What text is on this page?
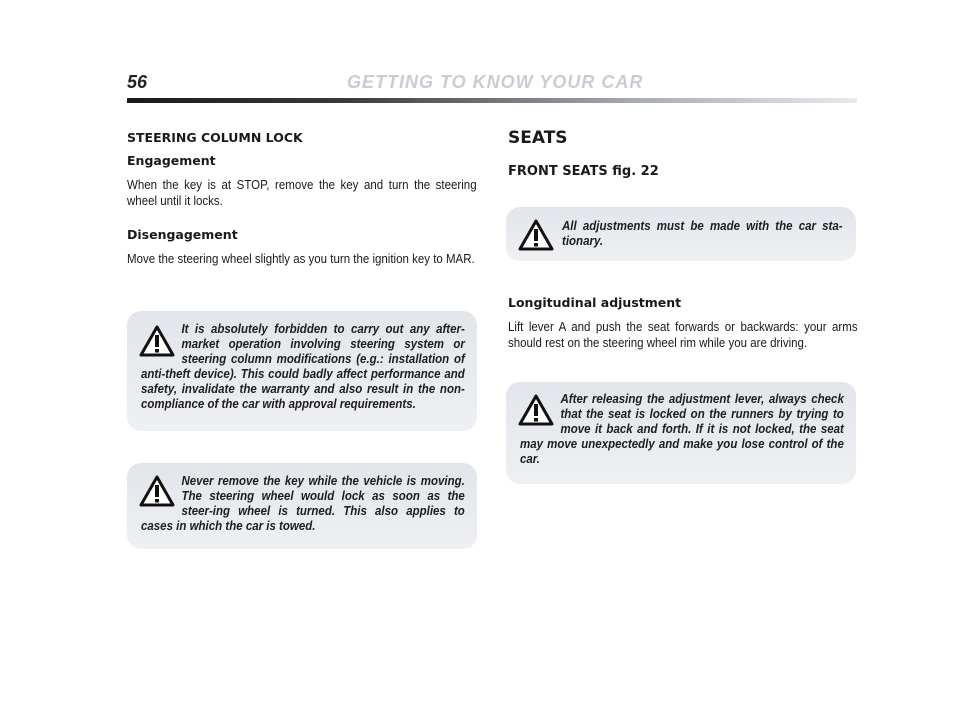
56	GETTING TO KNOW YOUR CAR
STEERING COLUMN LOCK
Engagement

When the key is at STOP, remove the key and turn the steering wheel until it locks.

Disengagement

Move the steering wheel slightly as you turn the ignition key to MAR.

It is absolutely forbidden to carry out any after-market operation involving steering system or steering column modifications (e.g.: installation of anti-theft device). This could badly affect performance and safety, invalidate the warranty and also result in the non-compliance of the car with approval requirements.
Never remove the key while the vehicle is moving. The steering wheel would lock as soon as the steer-ing wheel is turned. This also applies to cases in which the car is towed.
SEATS
FRONT SEATS fig. 22
Longitudinal adjustment

Lift lever A and push the seat forwards or backwards: your arms should rest on the steering wheel rim while you are driving.

All adjustments must be made with the car sta-tionary.
After releasing the adjustment lever, always check that the seat is locked on the runners by trying to move it back and forth. If it is not locked, the seat may move unexpectedly and make you lose control of the car.
